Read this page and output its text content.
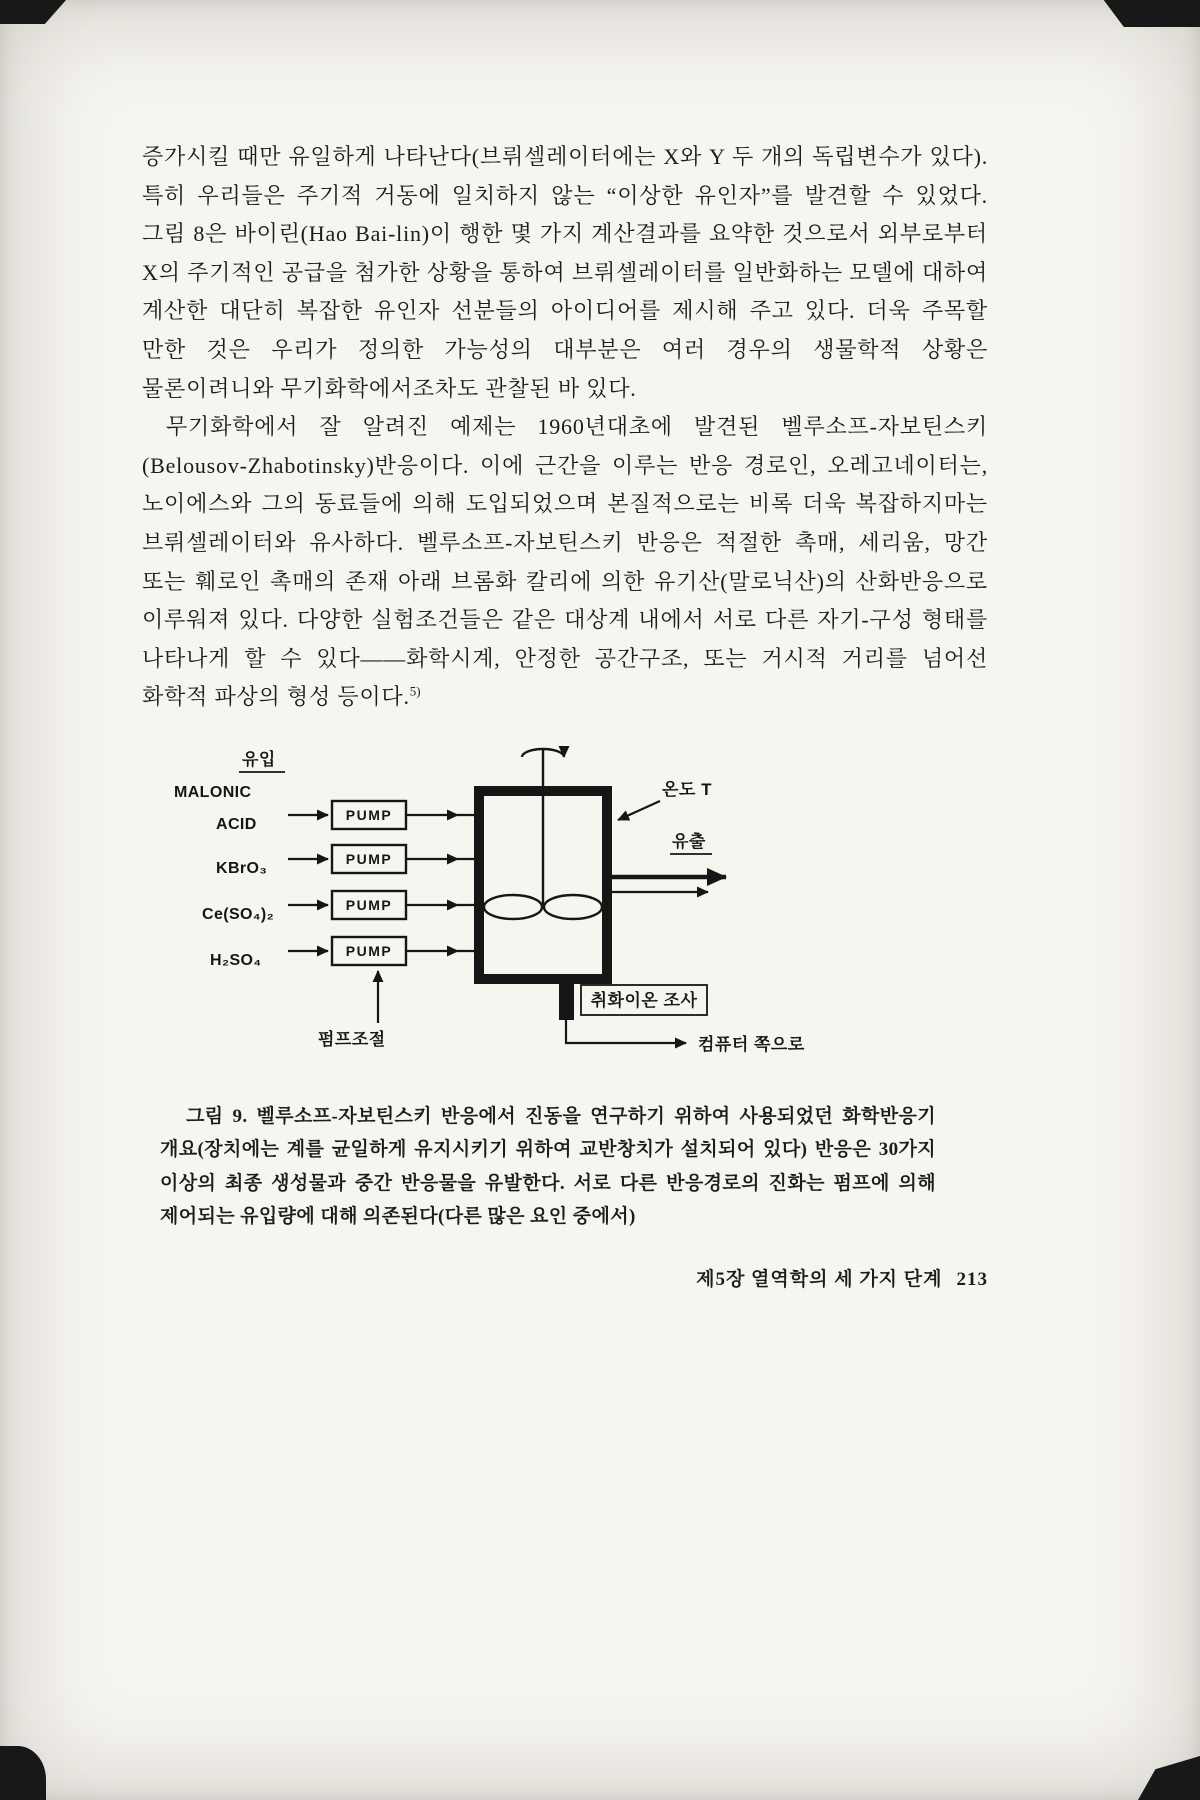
증가시킬 때만 유일하게 나타난다(브뤼셀레이터에는 X와 Y 두 개의 독립변수가 있다). 특히 우리들은 주기적 거동에 일치하지 않는 “이상한 유인자”를 발견할 수 있었다. 그림 8은 바이린(Hao Bai-lin)이 행한 몇 가지 계산결과를 요약한 것으로서 외부로부터 X의 주기적인 공급을 첨가한 상황을 통하여 브뤼셀레이터를 일반화하는 모델에 대하여 계산한 대단히 복잡한 유인자 선분들의 아이디어를 제시해 주고 있다. 더욱 주목할 만한 것은 우리가 정의한 가능성의 대부분은 여러 경우의 생물학적 상황은 물론이려니와 무기화학에서조차도 관찰된 바 있다.

무기화학에서 잘 알려진 예제는 1960년대초에 발견된 벨루소프-자보틴스키(Belousov-Zhabotinsky)반응이다. 이에 근간을 이루는 반응 경로인, 오레고네이터는, 노이에스와 그의 동료들에 의해 도입되었으며 본질적으로는 비록 더욱 복잡하지마는 브뤼셀레이터와 유사하다. 벨루소프-자보틴스키 반응은 적절한 촉매, 세리움, 망간 또는 훼로인 촉매의 존재 아래 브롬화 칼리에 의한 유기산(말로닉산)의 산화반응으로 이루워져 있다. 다양한 실험조건들은 같은 대상계 내에서 서로 다른 자기-구성 형태를 나타나게 할 수 있다——화학시계, 안정한 공간구조, 또는 거시적 거리를 넘어선 화학적 파상의 형성 등이다.$^{5)}$

유입
MALONIC
ACID
PUMP
KBrO₃
PUMP
Ce(SO₄)₂
PUMP
H₂SO₄
PUMP
펌프조절
온도 T
유출
취화이온 조사
컴퓨터 쪽으로
그림 9. 벨루소프-자보틴스키 반응에서 진동을 연구하기 위하여 사용되었던 화학반응기 개요(장치에는 계를 균일하게 유지시키기 위하여 교반창치가 설치되어 있다) 반응은 30가지 이상의 최종 생성물과 중간 반응물을 유발한다. 서로 다른 반응경로의 진화는 펌프에 의해 제어되는 유입량에 대해 의존된다(다른 많은 요인 중에서)
제5장 열역학의 세 가지 단계 213
